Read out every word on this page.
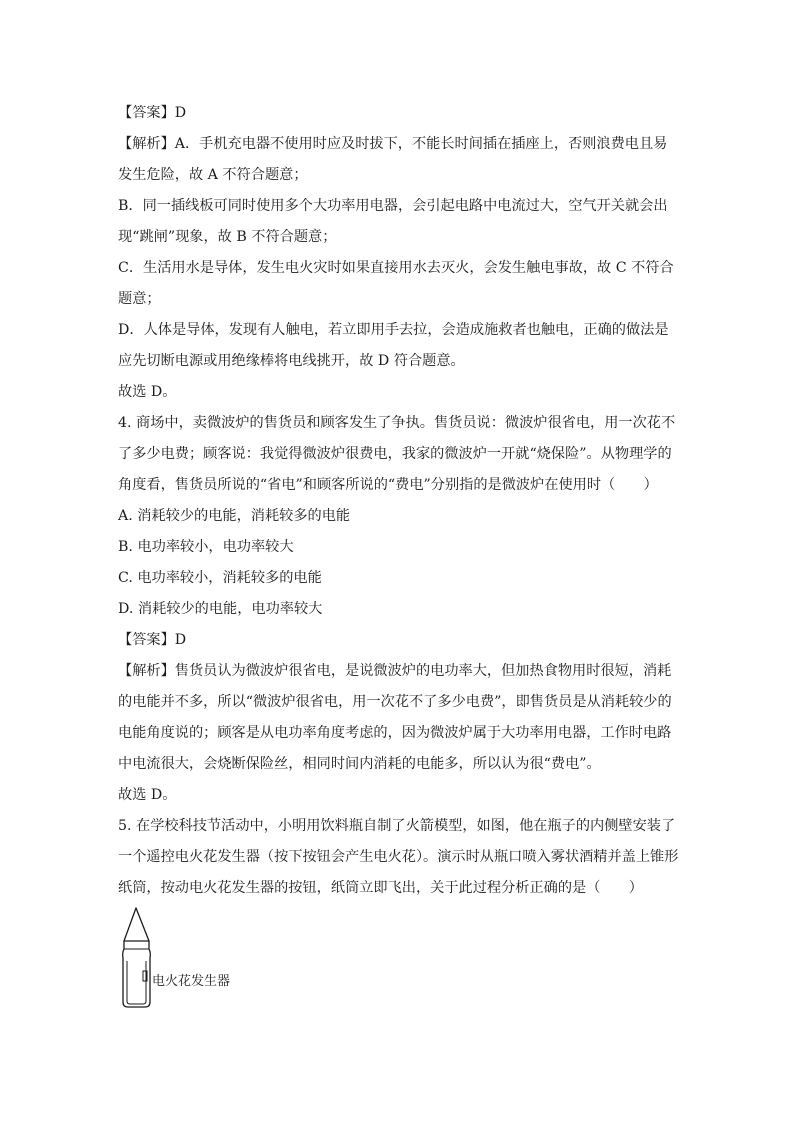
【答案】D
【解析】A．手机充电器不使用时应及时拔下，不能长时间插在插座上，否则浪费电且易
发生危险，故 A 不符合题意；
B．同一插线板可同时使用多个大功率用电器，会引起电路中电流过大，空气开关就会出
现“跳闸”现象，故 B 不符合题意；
C．生活用水是导体，发生电火灾时如果直接用水去灭火，会发生触电事故，故 C 不符合
题意；
D．人体是导体，发现有人触电，若立即用手去拉，会造成施救者也触电，正确的做法是
应先切断电源或用绝缘棒将电线挑开，故 D 符合题意。
故选 D。
4. 商场中，卖微波炉的售货员和顾客发生了争执。售货员说：微波炉很省电，用一次花不
了多少电费；顾客说：我觉得微波炉很费电，我家的微波炉一开就“烧保险”。从物理学的
角度看，售货员所说的“省电”和顾客所说的“费电”分别指的是微波炉在使用时（　　）
A. 消耗较少的电能，消耗较多的电能
B. 电功率较小，电功率较大
C. 电功率较小，消耗较多的电能
D. 消耗较少的电能，电功率较大
【答案】D
【解析】售货员认为微波炉很省电，是说微波炉的电功率大，但加热食物用时很短，消耗
的电能并不多，所以“微波炉很省电，用一次花不了多少电费”，即售货员是从消耗较少的
电能角度说的；顾客是从电功率角度考虑的，因为微波炉属于大功率用电器，工作时电路
中电流很大，会烧断保险丝，相同时间内消耗的电能多，所以认为很“费电”。
故选 D。
5. 在学校科技节活动中，小明用饮料瓶自制了火箭模型，如图，他在瓶子的内侧壁安装了
一个遥控电火花发生器（按下按钮会产生电火花）。演示时从瓶口喷入雾状酒精并盖上锥形
纸筒，按动电火花发生器的按钮，纸筒立即飞出，关于此过程分析正确的是（　　）
电火花发生器
